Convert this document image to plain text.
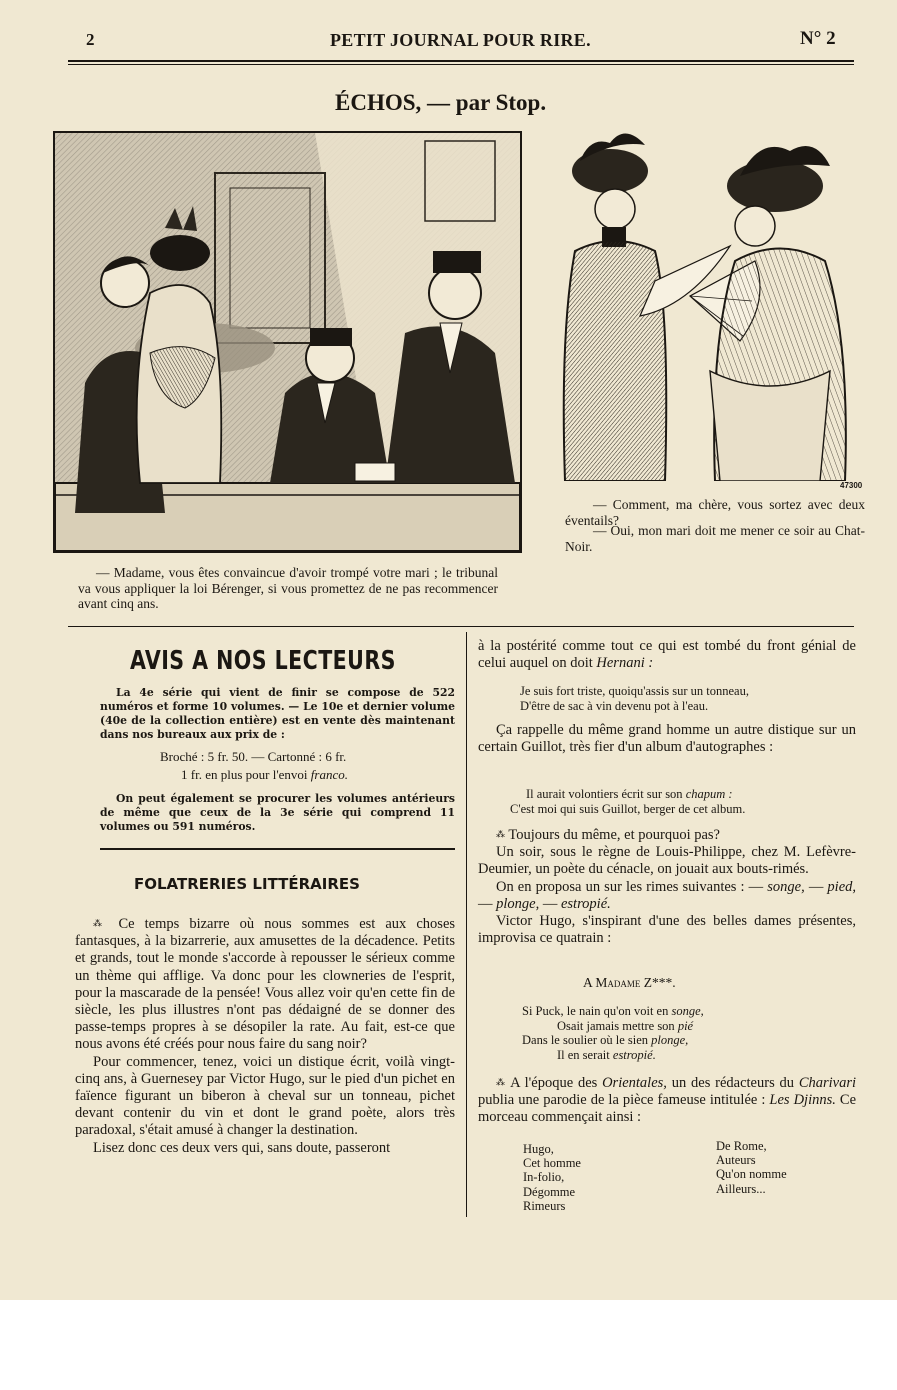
2	PETIT JOURNAL POUR RIRE.	N° 2
ÉCHOS, — par Stop.
— Madame, vous êtes convaincue d'avoir trompé votre mari ; le tribunal va vous appliquer la loi Bérenger, si vous promettez de ne pas recommencer avant cinq ans.
47300
— Comment, ma chère, vous sortez avec deux éventails?
— Oui, mon mari doit me mener ce soir au Chat-Noir.
AVIS A NOS LECTEURS
La 4e série qui vient de finir se compose de 522 numéros et forme 10 volumes. — Le 10e et dernier volume (40e de la collection entière) est en vente dès maintenant dans nos bureaux aux prix de :
Broché : 5 fr. 50. — Cartonné : 6 fr.
1 fr. en plus pour l'envoi franco.
On peut également se procurer les volumes antérieurs de même que ceux de la 3e série qui comprend 11 volumes ou 591 numéros.
FOLATRERIES LITTÉRAIRES

⁂ Ce temps bizarre où nous sommes est aux choses fantasques, à la bizarrerie, aux amusettes de la décadence. Petits et grands, tout le monde s'accorde à repousser le sérieux comme un thème qui afflige. Va donc pour les clowneries de l'esprit, pour la mascarade de la pensée! Vous allez voir qu'en cette fin de siècle, les plus illustres n'ont pas dédaigné de se donner des passe-temps propres à se désopiler la rate. Au fait, est-ce que nous avons été créés pour nous faire du sang noir?

Pour commencer, tenez, voici un distique écrit, voilà vingt-cinq ans, à Guernesey par Victor Hugo, sur le pied d'un pichet en faïence figurant un biberon à cheval sur un tonneau, pichet devant contenir du vin et dont le grand poète, alors très paradoxal, s'était amusé à changer la destination.

Lisez donc ces deux vers qui, sans doute, passeront

à la postérité comme tout ce qui est tombé du front génial de celui auquel on doit Hernani :

Je suis fort triste, quoiqu'assis sur un tonneau,
D'être de sac à vin devenu pot à l'eau.

Ça rappelle du même grand homme un autre distique sur un certain Guillot, très fier d'un album d'autographes :

Il aurait volontiers écrit sur son chapum :
C'est moi qui suis Guillot, berger de cet album.

⁂ Toujours du même, et pourquoi pas?

Un soir, sous le règne de Louis-Philippe, chez M. Lefèvre-Deumier, un poète du cénacle, on jouait aux bouts-rimés.

On en proposa un sur les rimes suivantes : — songe, — pied, — plonge, — estropié.

Victor Hugo, s'inspirant d'une des belles dames présentes, improvisa ce quatrain :

A Madame Z***.
Si Puck, le nain qu'on voit en songe,
Osait jamais mettre son pié
Dans le soulier où le sien plonge,
Il en serait estropié.

⁂ A l'époque des Orientales, un des rédacteurs du Charivari publia une parodie de la pièce fameuse intitulée : Les Djinns. Ce morceau commençait ainsi :

Hugo,
Cet homme
In-folio,
Dégomme
Rimeurs
De Rome,
Auteurs
Qu'on nomme
Ailleurs...
